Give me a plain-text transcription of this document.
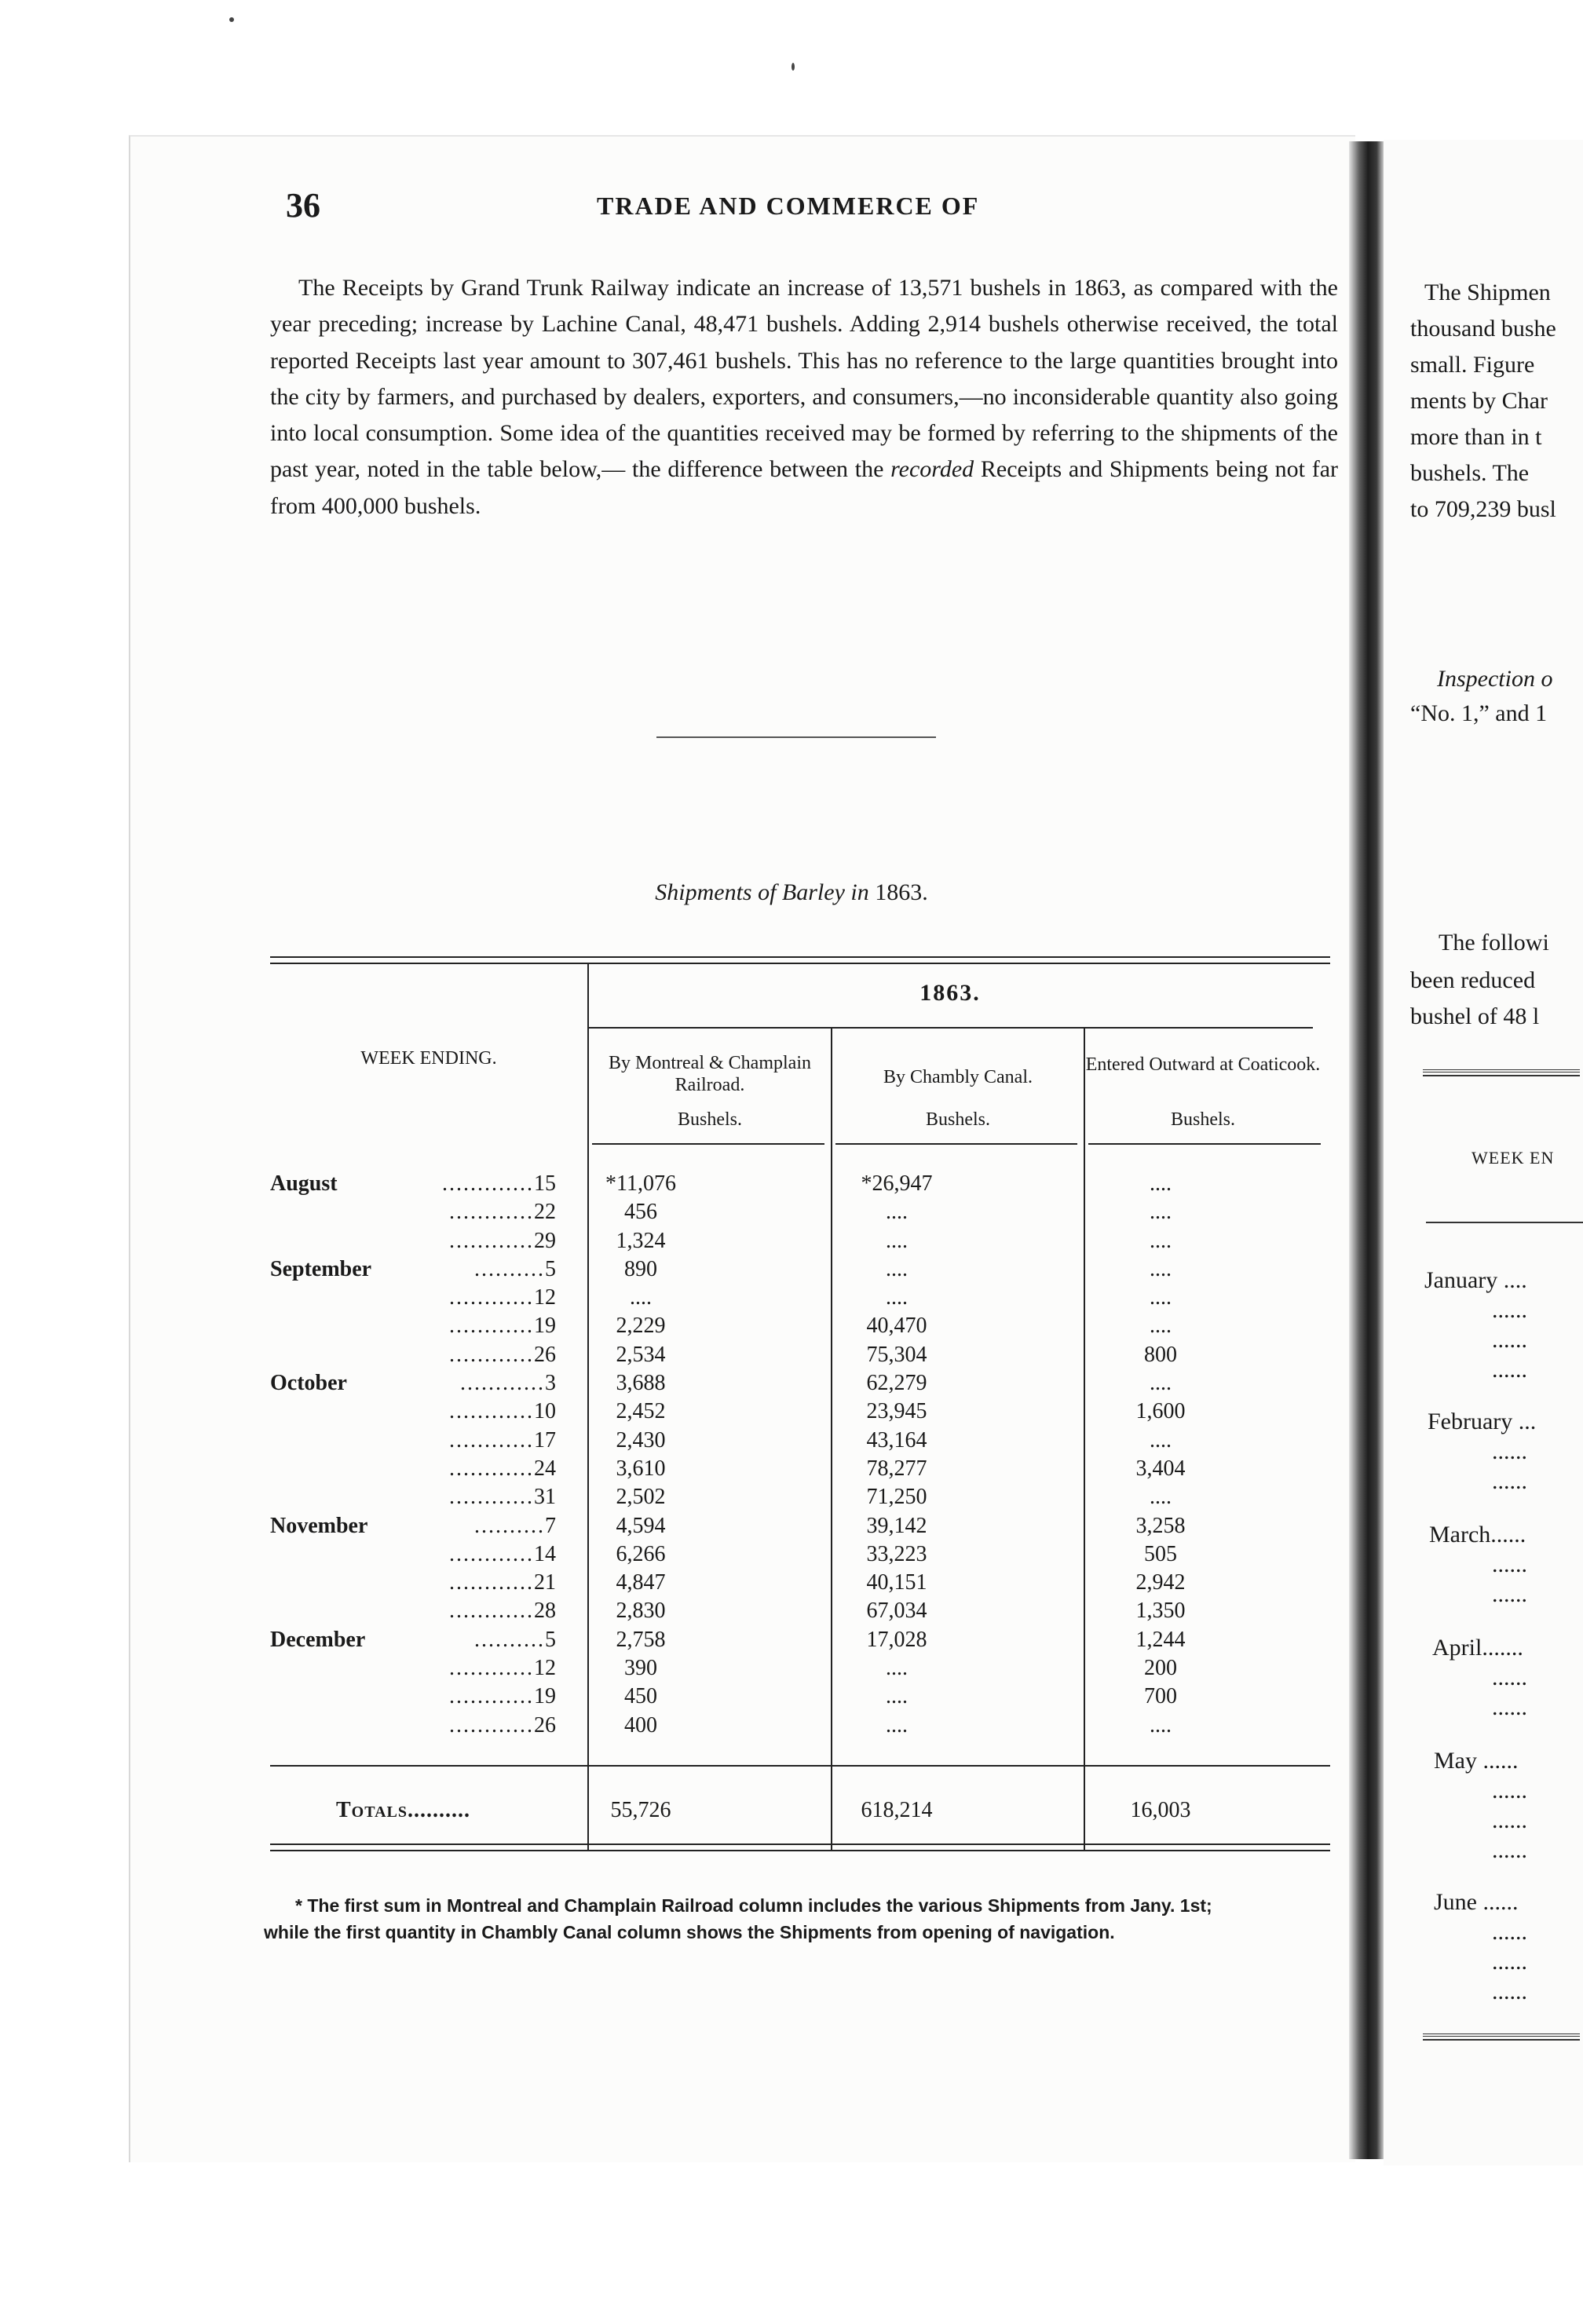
36	TRADE AND COMMERCE OF

The Receipts by Grand Trunk Railway indicate an increase of 13,571 bushels in 1863, as compared with the year preceding; increase by Lachine Canal, 48,471 bushels. Adding 2,914 bushels otherwise received, the total reported Receipts last year amount to 307,461 bushels. This has no reference to the large quantities brought into the city by farmers, and purchased by dealers, exporters, and consumers,—no inconsiderable quantity also going into local consumption. Some idea of the quantities received may be formed by referring to the shipments of the past year, noted in the table below,— the difference between the recorded Receipts and Shipments being not far from 400,000 bushels.

Shipments of Barley in 1863.
1863.
WEEK ENDING.	By Montreal & Champlain Railroad.	By Chambly Canal.
Entered Outward at Coaticook.
Bushels.	Bushels.	Bushels.
August	.............15	*11,076	*26,947	....
............22	456	....	....
............29	1,324	....	....
September	..........5	890	....	....
............12	....	....	....
............19	2,229	40,470	....
............26	2,534	75,304	800
October	............3	3,688	62,279	....
............10	2,452	23,945	1,600
............17	2,430	43,164	....
............24	3,610	78,277	3,404
............31	2,502	71,250	....
November	..........7	4,594	39,142	3,258
............14	6,266	33,223	505
............21	4,847	40,151	2,942
............28	2,830	67,034	1,350
December	..........5	2,758	17,028	1,244
............12	390	....	200
............19	450	....	700
............26	400	....	....
Totals..........	55,726	618,214	16,003

* The first sum in Montreal and Champlain Railroad column includes the various Shipments from Jany. 1st;

while the first quantity in Chambly Canal column shows the Shipments from opening of navigation.

The Shipmen
thousand bushe
small. Figure
ments by Char
more than in t
bushels. The
to 709,239 busl
Inspection o
“No. 1,” and 1
The followi
been reduced
bushel of 48 l
WEEK EN
January ....
......
......
......
February ...
......
......
March......
......
......
April.......
......
......
May ......
......
......
......
June ......
......
......
......
